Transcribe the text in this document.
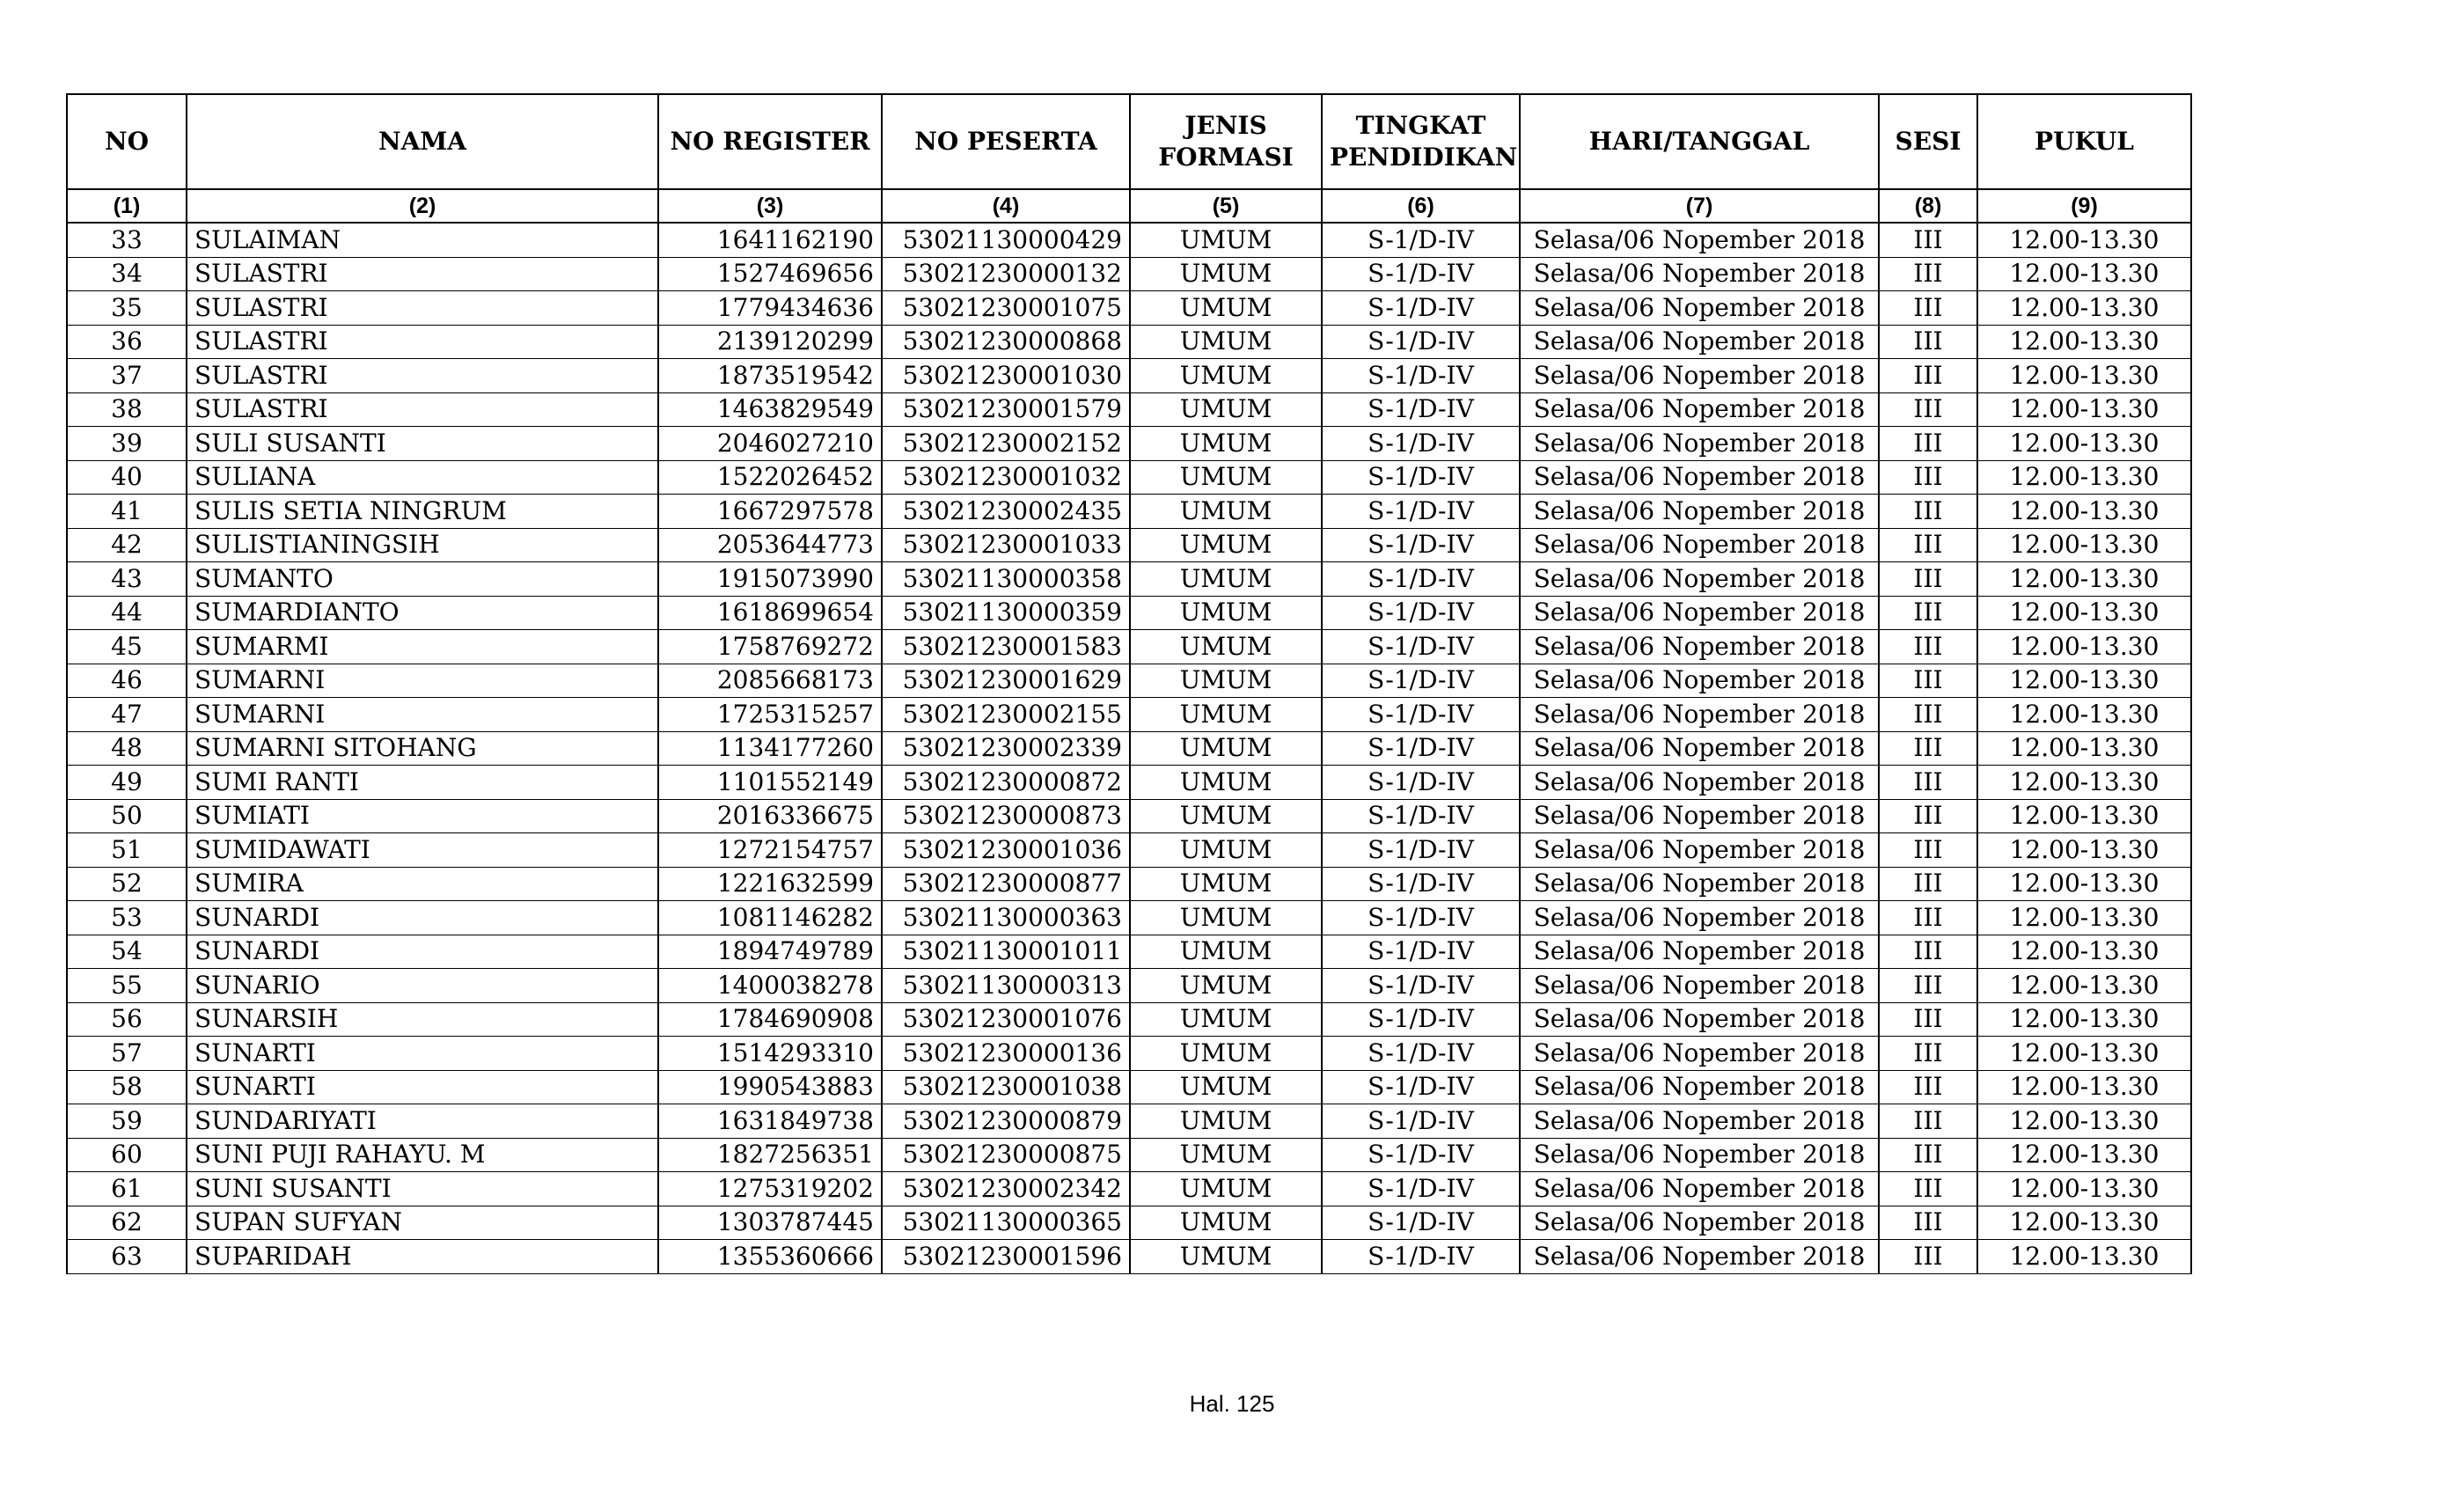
NO	NAMA	NO REGISTER	NO PESERTA	JENIS FORMASI	TINGKAT PENDIDIKAN	HARI/TANGGAL	SESI	PUKUL
(1)	(2)	(3)	(4)	(5)	(6)	(7)	(8)	(9)
33	SULAIMAN	1641162190	53021130000429	UMUM	S-1/D-IV	Selasa/06 Nopember 2018	III	12.00-13.30
34	SULASTRI	1527469656	53021230000132	UMUM	S-1/D-IV	Selasa/06 Nopember 2018	III	12.00-13.30
35	SULASTRI	1779434636	53021230001075	UMUM	S-1/D-IV	Selasa/06 Nopember 2018	III	12.00-13.30
36	SULASTRI	2139120299	53021230000868	UMUM	S-1/D-IV	Selasa/06 Nopember 2018	III	12.00-13.30
37	SULASTRI	1873519542	53021230001030	UMUM	S-1/D-IV	Selasa/06 Nopember 2018	III	12.00-13.30
38	SULASTRI	1463829549	53021230001579	UMUM	S-1/D-IV	Selasa/06 Nopember 2018	III	12.00-13.30
39	SULI SUSANTI	2046027210	53021230002152	UMUM	S-1/D-IV	Selasa/06 Nopember 2018	III	12.00-13.30
40	SULIANA	1522026452	53021230001032	UMUM	S-1/D-IV	Selasa/06 Nopember 2018	III	12.00-13.30
41	SULIS SETIA NINGRUM	1667297578	53021230002435	UMUM	S-1/D-IV	Selasa/06 Nopember 2018	III	12.00-13.30
42	SULISTIANINGSIH	2053644773	53021230001033	UMUM	S-1/D-IV	Selasa/06 Nopember 2018	III	12.00-13.30
43	SUMANTO	1915073990	53021130000358	UMUM	S-1/D-IV	Selasa/06 Nopember 2018	III	12.00-13.30
44	SUMARDIANTO	1618699654	53021130000359	UMUM	S-1/D-IV	Selasa/06 Nopember 2018	III	12.00-13.30
45	SUMARMI	1758769272	53021230001583	UMUM	S-1/D-IV	Selasa/06 Nopember 2018	III	12.00-13.30
46	SUMARNI	2085668173	53021230001629	UMUM	S-1/D-IV	Selasa/06 Nopember 2018	III	12.00-13.30
47	SUMARNI	1725315257	53021230002155	UMUM	S-1/D-IV	Selasa/06 Nopember 2018	III	12.00-13.30
48	SUMARNI SITOHANG	1134177260	53021230002339	UMUM	S-1/D-IV	Selasa/06 Nopember 2018	III	12.00-13.30
49	SUMI RANTI	1101552149	53021230000872	UMUM	S-1/D-IV	Selasa/06 Nopember 2018	III	12.00-13.30
50	SUMIATI	2016336675	53021230000873	UMUM	S-1/D-IV	Selasa/06 Nopember 2018	III	12.00-13.30
51	SUMIDAWATI	1272154757	53021230001036	UMUM	S-1/D-IV	Selasa/06 Nopember 2018	III	12.00-13.30
52	SUMIRA	1221632599	53021230000877	UMUM	S-1/D-IV	Selasa/06 Nopember 2018	III	12.00-13.30
53	SUNARDI	1081146282	53021130000363	UMUM	S-1/D-IV	Selasa/06 Nopember 2018	III	12.00-13.30
54	SUNARDI	1894749789	53021130001011	UMUM	S-1/D-IV	Selasa/06 Nopember 2018	III	12.00-13.30
55	SUNARIO	1400038278	53021130000313	UMUM	S-1/D-IV	Selasa/06 Nopember 2018	III	12.00-13.30
56	SUNARSIH	1784690908	53021230001076	UMUM	S-1/D-IV	Selasa/06 Nopember 2018	III	12.00-13.30
57	SUNARTI	1514293310	53021230000136	UMUM	S-1/D-IV	Selasa/06 Nopember 2018	III	12.00-13.30
58	SUNARTI	1990543883	53021230001038	UMUM	S-1/D-IV	Selasa/06 Nopember 2018	III	12.00-13.30
59	SUNDARIYATI	1631849738	53021230000879	UMUM	S-1/D-IV	Selasa/06 Nopember 2018	III	12.00-13.30
60	SUNI PUJI RAHAYU. M	1827256351	53021230000875	UMUM	S-1/D-IV	Selasa/06 Nopember 2018	III	12.00-13.30
61	SUNI SUSANTI	1275319202	53021230002342	UMUM	S-1/D-IV	Selasa/06 Nopember 2018	III	12.00-13.30
62	SUPAN SUFYAN	1303787445	53021130000365	UMUM	S-1/D-IV	Selasa/06 Nopember 2018	III	12.00-13.30
63	SUPARIDAH	1355360666	53021230001596	UMUM	S-1/D-IV	Selasa/06 Nopember 2018	III	12.00-13.30
Hal. 125
